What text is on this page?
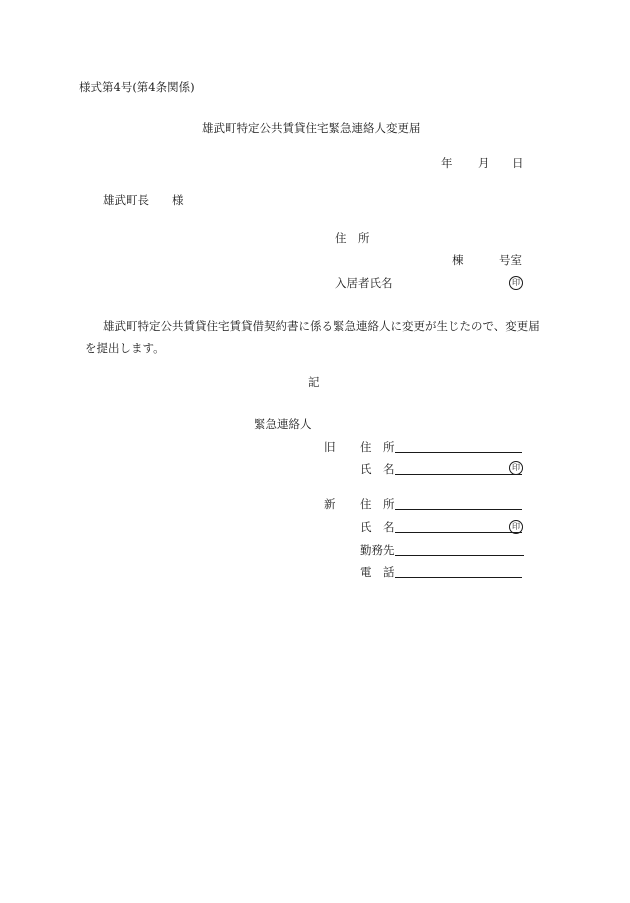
様式第4号(第4条関係)
雄武町特定公共賃貸住宅緊急連絡人変更届
年 月 日
雄武町長 様
住　所
棟	号室
入居者氏名	印
雄武町特定公共賃貸住宅賃貸借契約書に係る緊急連絡人に変更が生じたので、変更届
を提出します。
記
緊急連絡人
旧 住　所
氏　名	印
新 住　所
氏　名	印
勤務先
電　話
